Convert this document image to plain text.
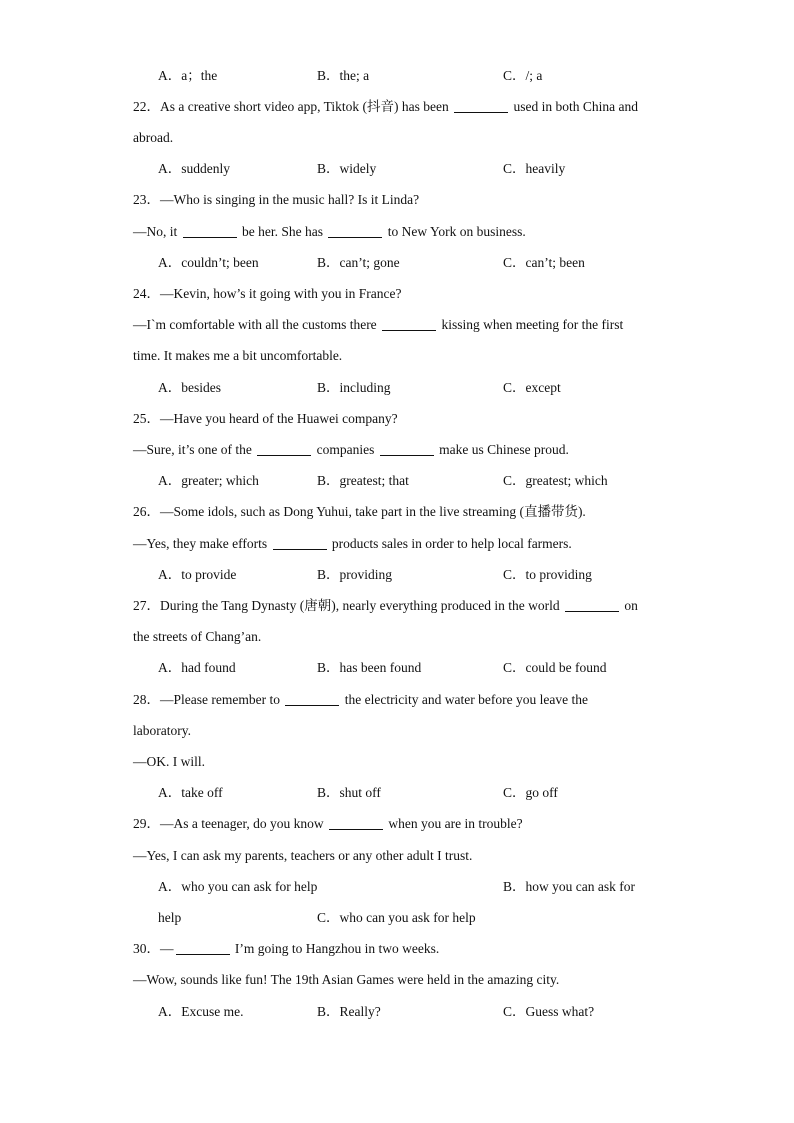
A．a；the	B．the; a	C．/; a
22．As a creative short video app, Tiktok (抖音) has been	used in both China and
abroad.
A．suddenly	B．widely	C．heavily
23．—Who is singing in the music hall? Is it Linda?
—No, it	be her. She has	to New York on business.
A．couldn’t; been	B．can’t; gone	C．can’t; been
24．—Kevin, how’s it going with you in France?
—I`m comfortable with all the customs there	kissing when meeting for the first
time. It makes me a bit uncomfortable.
A．besides	B．including	C．except
25．—Have you heard of the Huawei company?
—Sure, it’s one of the	companies	make us Chinese proud.
A．greater; which	B．greatest; that	C．greatest; which
26．—Some idols, such as Dong Yuhui, take part in the live streaming (直播带货).
—Yes, they make efforts	products sales in order to help local farmers.
A．to provide	B．providing	C．to providing
27．During the Tang Dynasty (唐朝), nearly everything produced in the world	on
the streets of Chang’an.
A．had found	B．has been found	C．could be found
28．—Please remember to	the electricity and water before you leave the
laboratory.
—OK. I will.
A．take off	B．shut off	C．go off
29．—As a teenager, do you know	when you are in trouble?
—Yes, I can ask my parents, teachers or any other adult I trust.
A．who you can ask for help	B．how you can ask for
help	C．who can you ask for help
30．—	I’m going to Hangzhou in two weeks.
—Wow, sounds like fun! The 19th Asian Games were held in the amazing city.
A．Excuse me.	B．Really?	C．Guess what?
